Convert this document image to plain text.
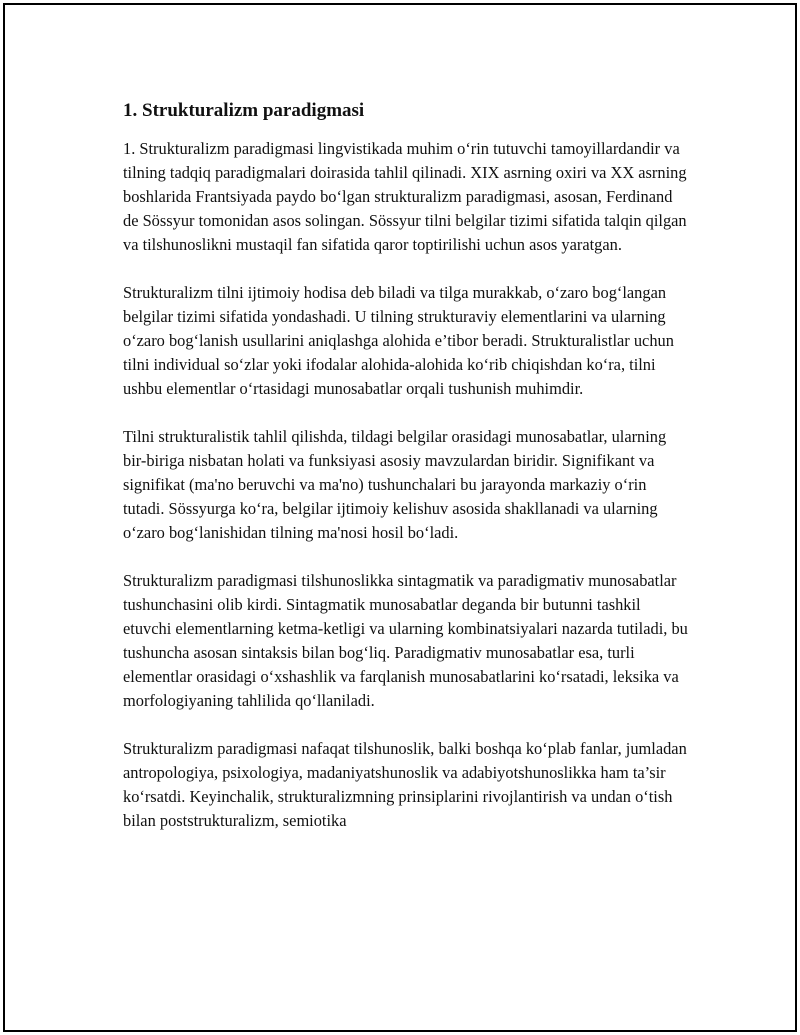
1. Strukturalizm paradigmasi

1. Strukturalizm paradigmasi lingvistikada muhim o‘rin tutuvchi tamoyillardandir va tilning tadqiq paradigmalari doirasida tahlil qilinadi. XIX asrning oxiri va XX asrning boshlarida Frantsiyada paydo bo‘lgan strukturalizm paradigmasi, asosan, Ferdinand de Sössyur tomonidan asos solingan. Sössyur tilni belgilar tizimi sifatida talqin qilgan va tilshunoslikni mustaqil fan sifatida qaror toptirilishi uchun asos yaratgan.

Strukturalizm tilni ijtimoiy hodisa deb biladi va tilga murakkab, o‘zaro bog‘langan belgilar tizimi sifatida yondashadi. U tilning strukturaviy elementlarini va ularning o‘zaro bog‘lanish usullarini aniqlashga alohida e’tibor beradi. Strukturalistlar uchun tilni individual so‘zlar yoki ifodalar alohida-alohida ko‘rib chiqishdan ko‘ra, tilni ushbu elementlar o‘rtasidagi munosabatlar orqali tushunish muhimdir.

Tilni strukturalistik tahlil qilishda, tildagi belgilar orasidagi munosabatlar, ularning bir-biriga nisbatan holati va funksiyasi asosiy mavzulardan biridir. Signifikant va signifikat (ma'no beruvchi va ma'no) tushunchalari bu jarayonda markaziy o‘rin tutadi. Sössyurga ko‘ra, belgilar ijtimoiy kelishuv asosida shakllanadi va ularning o‘zaro bog‘lanishidan tilning ma'nosi hosil bo‘ladi.

Strukturalizm paradigmasi tilshunoslikka sintagmatik va paradigmativ munosabatlar tushunchasini olib kirdi. Sintagmatik munosabatlar deganda bir butunni tashkil etuvchi elementlarning ketma-ketligi va ularning kombinatsiyalari nazarda tutiladi, bu tushuncha asosan sintaksis bilan bog‘liq. Paradigmativ munosabatlar esa, turli elementlar orasidagi o‘xshashlik va farqlanish munosabatlarini ko‘rsatadi, leksika va morfologiyaning tahlilida qo‘llaniladi.

Strukturalizm paradigmasi nafaqat tilshunoslik, balki boshqa ko‘plab fanlar, jumladan antropologiya, psixologiya, madaniyatshunoslik va adabiyotshunoslikka ham ta’sir ko‘rsatdi. Keyinchalik, strukturalizmning prinsiplarini rivojlantirish va undan o‘tish bilan poststrukturalizm, semiotika
